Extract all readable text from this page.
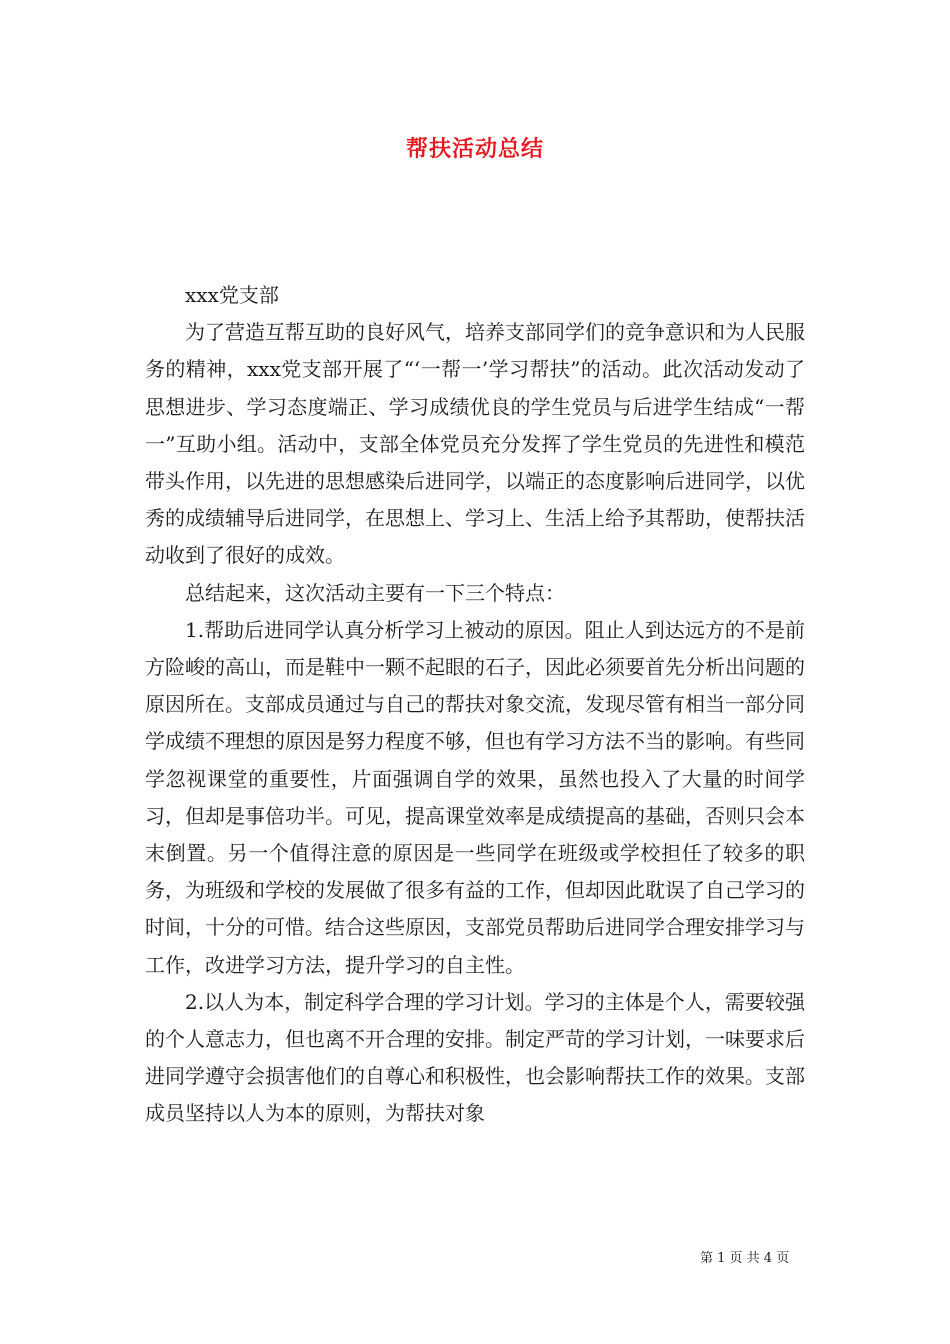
帮扶活动总结

xxx党支部

为了营造互帮互助的良好风气，培养支部同学们的竞争意识和为人民服务的精神，xxx党支部开展了“‘一帮一’学习帮扶”的活动。此次活动发动了思想进步、学习态度端正、学习成绩优良的学生党员与后进学生结成“一帮一”互助小组。活动中，支部全体党员充分发挥了学生党员的先进性和模范带头作用，以先进的思想感染后进同学，以端正的态度影响后进同学，以优秀的成绩辅导后进同学，在思想上、学习上、生活上给予其帮助，使帮扶活动收到了很好的成效。

总结起来，这次活动主要有一下三个特点：

1.帮助后进同学认真分析学习上被动的原因。阻止人到达远方的不是前方险峻的高山，而是鞋中一颗不起眼的石子，因此必须要首先分析出问题的原因所在。支部成员通过与自己的帮扶对象交流，发现尽管有相当一部分同学成绩不理想的原因是努力程度不够，但也有学习方法不当的影响。有些同学忽视课堂的重要性，片面强调自学的效果，虽然也投入了大量的时间学习，但却是事倍功半。可见，提高课堂效率是成绩提高的基础，否则只会本末倒置。另一个值得注意的原因是一些同学在班级或学校担任了较多的职务，为班级和学校的发展做了很多有益的工作，但却因此耽误了自己学习的时间，十分的可惜。结合这些原因，支部党员帮助后进同学合理安排学习与工作，改进学习方法，提升学习的自主性。

2.以人为本，制定科学合理的学习计划。学习的主体是个人，需要较强的个人意志力，但也离不开合理的安排。制定严苛的学习计划，一味要求后进同学遵守会损害他们的自尊心和积极性，也会影响帮扶工作的效果。支部成员坚持以人为本的原则，为帮扶对象

第 1 页 共 4 页
